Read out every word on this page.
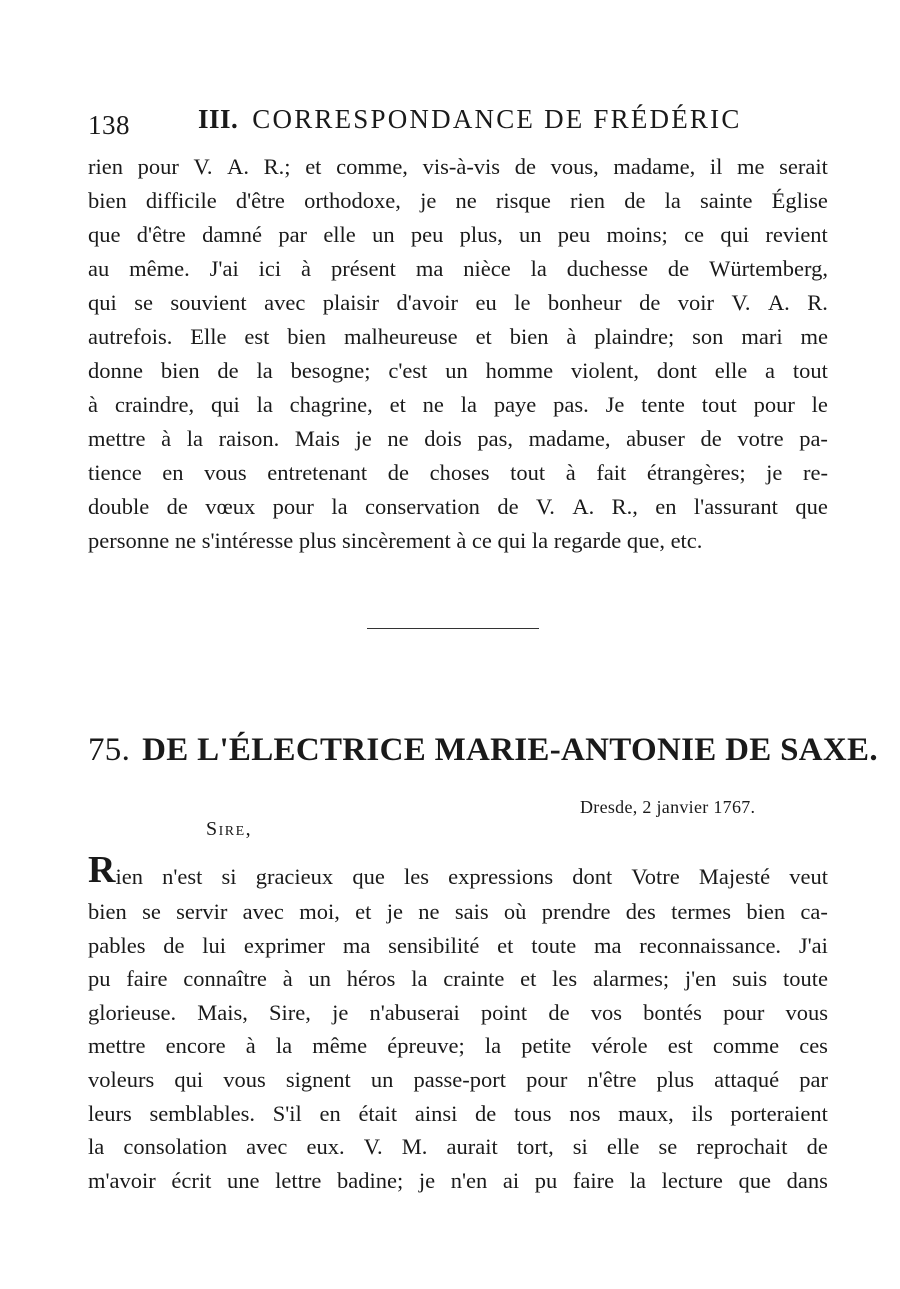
138	III. CORRESPONDANCE DE FRÉDÉRIC
rien pour V. A. R.; et comme, vis-à-vis de vous, madame, il me serait
bien difficile d'être orthodoxe, je ne risque rien de la sainte Église
que d'être damné par elle un peu plus, un peu moins; ce qui revient
au même. J'ai ici à présent ma nièce la duchesse de Würtemberg,
qui se souvient avec plaisir d'avoir eu le bonheur de voir V. A. R.
autrefois. Elle est bien malheureuse et bien à plaindre; son mari me
donne bien de la besogne; c'est un homme violent, dont elle a tout
à craindre, qui la chagrine, et ne la paye pas. Je tente tout pour le
mettre à la raison. Mais je ne dois pas, madame, abuser de votre pa-
tience en vous entretenant de choses tout à fait étrangères; je re-
double de vœux pour la conservation de V. A. R., en l'assurant que
personne ne s'intéresse plus sincèrement à ce qui la regarde que, etc.
75. DE L'ÉLECTRICE MARIE-ANTONIE DE SAXE.
Dresde, 2 janvier 1767.
Sire,
R ien n'est si gracieux que les expressions dont Votre Majesté veut
bien se servir avec moi, et je ne sais où prendre des termes bien ca-
pables de lui exprimer ma sensibilité et toute ma reconnaissance. J'ai
pu faire connaître à un héros la crainte et les alarmes; j'en suis toute
glorieuse. Mais, Sire, je n'abuserai point de vos bontés pour vous
mettre encore à la même épreuve; la petite vérole est comme ces
voleurs qui vous signent un passe-port pour n'être plus attaqué par
leurs semblables. S'il en était ainsi de tous nos maux, ils porteraient
la consolation avec eux. V. M. aurait tort, si elle se reprochait de
m'avoir écrit une lettre badine; je n'en ai pu faire la lecture que dans
